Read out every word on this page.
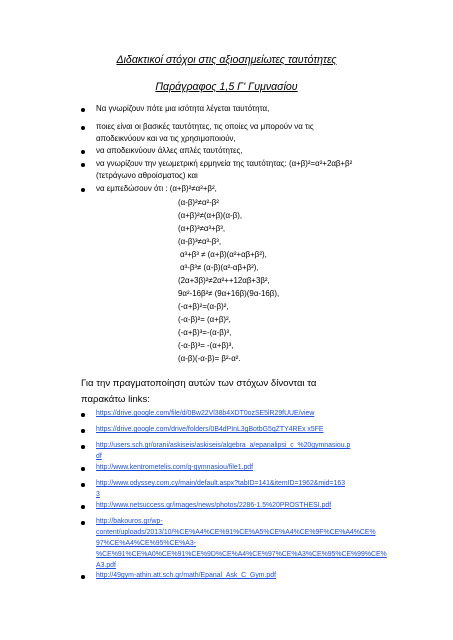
Διδακτικοί στόχοι στις αξιοσημείωτες ταυτότητες
Παράγραφος 1,5 Γ' Γυμνασίου
Να γνωρίζουν πότε μια ισότητα λέγεται ταυτότητα,
ποιες είναι οι βασικές ταυτότητες, τις οποίες να μπορούν να τις
αποδεικνύουν και να τις χρησιμοποιούν,
να αποδεικνύουν άλλες απλές ταυτότητες,
να γνωρίζουν την γεωμετρική ερμηνεία της ταυτότητας: (α+β)²=α²+2αβ+β²
(τετράγωνο αθροίσματος) και
να εμπεδώσουν ότι : (α+β)²≠α²+β²,
(α-β)²≠α²-β²
(α+β)²≠(α+β)(α-β),
(α+β)³≠α³+β³,
(α-β)³≠α³-β³,
α³+β³ ≠ (α+β)(α²+αβ+β²),
α³-β³≠ (α-β)(α²-αβ+β²),
(2α+3β)²≠2α²++12αβ+3β²,
9α²-16β²≠ (9α+16β)(9α-16β),
(-α+β)²=(α-β)²,
(-α-β)²= (α+β)²,
(-α+β)³=-(α-β)³,
(-α-β)³= -(α+β)³,
(α-β)(-α-β)= β²-α².
Για την πραγματοποίηση αυτών των στόχων δίνονται τα
παρακάτω links:
https://drive.google.com/file/d/0Bw22Vl38b4XDT0ozSE5lR29fUUE/view
https://drive.google.com/drive/folders/0B4dPInL3gBotbG5qZTY4REx x5FE
http://users.sch.gr/orani/askiseis/askiseis/algebra_a/epanalipsi_c_%20gymnasiou.p
df
http://www.kentrometelis.com/g-gymnasiou/file1.pdf
http://www.odyssey.com.cy/main/default.aspx?tabID=141&itemID=1962&mid=163
3
http://www.netsuccess.gr/images/news/photos/2286-1.5%20PROSTHESI.pdf
http://bakouros.gr/wp-
content/uploads/2013/10/%CE%A4%CE%91%CE%A5%CE%A4%CE%9F%CE%A4%CE%
97%CE%A4%CE%95%CE%A3-
%CE%91%CE%A0%CE%91%CE%9D%CE%A4%CE%97%CE%A3%CE%95%CE%99%CE%
A3.pdf
http://49gym-athin.att.sch.gr/math/Epanal_Ask_C_Gym.pdf
